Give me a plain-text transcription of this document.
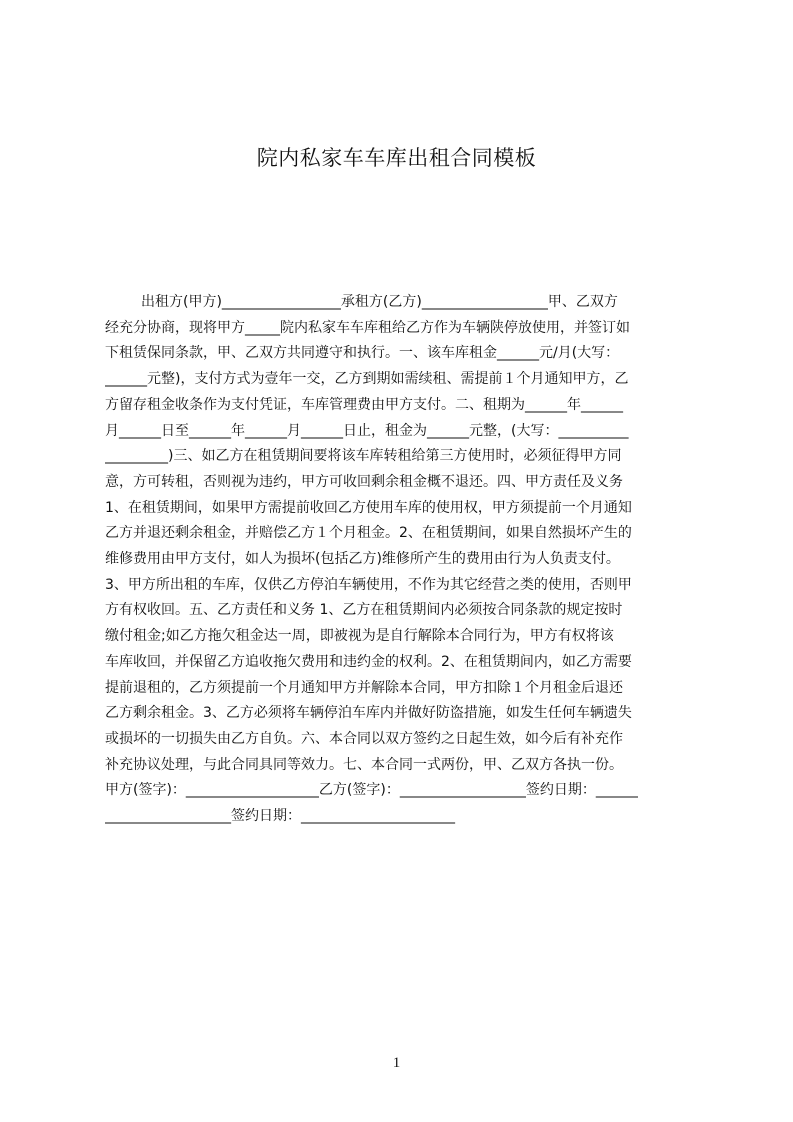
院内私家车车库出租合同模板
出租方(甲方)_________________承租方(乙方)__________________甲、乙双方
经充分协商，现将甲方_____院内私家车车库租给乙方作为车辆陕停放使用，并签订如
下租赁保同条款，甲、乙双方共同遵守和执行。一、该车库租金______元/月(大写：
______元整)，支付方式为壹年一交，乙方到期如需续租、需提前１个月通知甲方，乙
方留存租金收条作为支付凭证，车库管理费由甲方支付。二、租期为______年______
月______日至______年______月______日止，租金为______元整，(大写：__________
_________)三、如乙方在租赁期间要将该车库转租给第三方使用时，必须征得甲方同
意，方可转租，否则视为违约，甲方可收回剩余租金概不退还。四、甲方责任及义务
1、在租赁期间，如果甲方需提前收回乙方使用车库的使用权，甲方须提前一个月通知
乙方并退还剩余租金，并赔偿乙方１个月租金。2、在租赁期间，如果自然损坏产生的
维修费用由甲方支付，如人为损坏(包括乙方)维修所产生的费用由行为人负责支付。
3、甲方所出租的车库，仅供乙方停泊车辆使用，不作为其它经营之类的使用，否则甲
方有权收回。五、乙方责任和义务 1、乙方在租赁期间内必须按合同条款的规定按时
缴付租金;如乙方拖欠租金达一周，即被视为是自行解除本合同行为，甲方有权将该
车库收回，并保留乙方追收拖欠费用和违约金的权利。2、在租赁期间内，如乙方需要
提前退租的，乙方须提前一个月通知甲方并解除本合同，甲方扣除１个月租金后退还
乙方剩余租金。3、乙方必须将车辆停泊车库内并做好防盗措施，如发生任何车辆遗失
或损坏的一切损失由乙方自负。六、本合同以双方签约之日起生效，如今后有补充作
补充协议处理，与此合同具同等效力。七、本合同一式两份，甲、乙双方各执一份。
甲方(签字)：___________________乙方(签字)：__________________签约日期：______
__________________签约日期：______________________
1
